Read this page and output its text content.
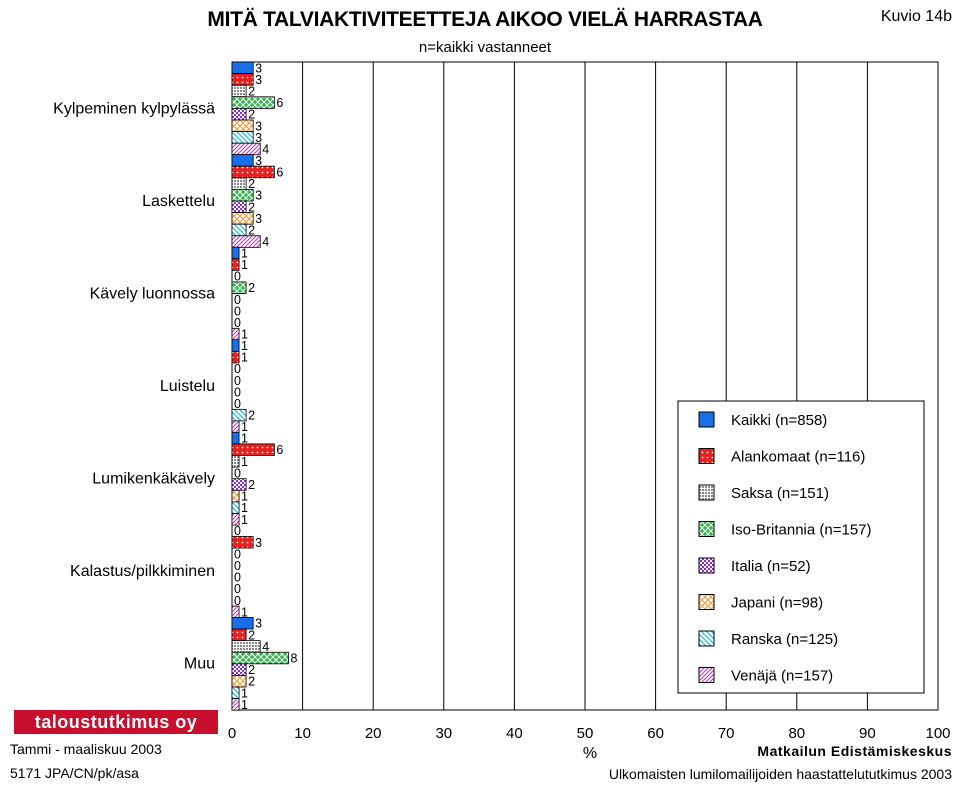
MITÄ TALVIAKTIVITEETTEJA AIKOO VIELÄ HARRASTAA
n=kaikki vastanneet
Kuvio 14b
Kylpeminen kylpylässä
3
3
2
6
2
3
3
4
Laskettelu
3
6
2
3
2
3
2
4
Kävely luonnossa
1
1
0
2
0
0
0
1
Luistelu
1
1
0
0
0
0
2
1
Lumikenkäkävely
1
6
1
0
2
1
1
1
Kalastus/pilkkiminen
0
3
0
0
0
0
0
1
Muu
3
2
4
8
2
2
1
1
0	10	20	30	40	50	60	70	80	90	100
%
Kaikki (n=858)
Alankomaat (n=116)
Saksa (n=151)
Iso-Britannia (n=157)
Italia (n=52)
Japani (n=98)
Ranska (n=125)
Venäjä (n=157)
taloustutkimus oy
Tammi - maaliskuu 2003
5171 JPA/CN/pk/asa
Matkailun Edistämiskeskus
Ulkomaisten lumilomailijoiden haastattelututkimus 2003
